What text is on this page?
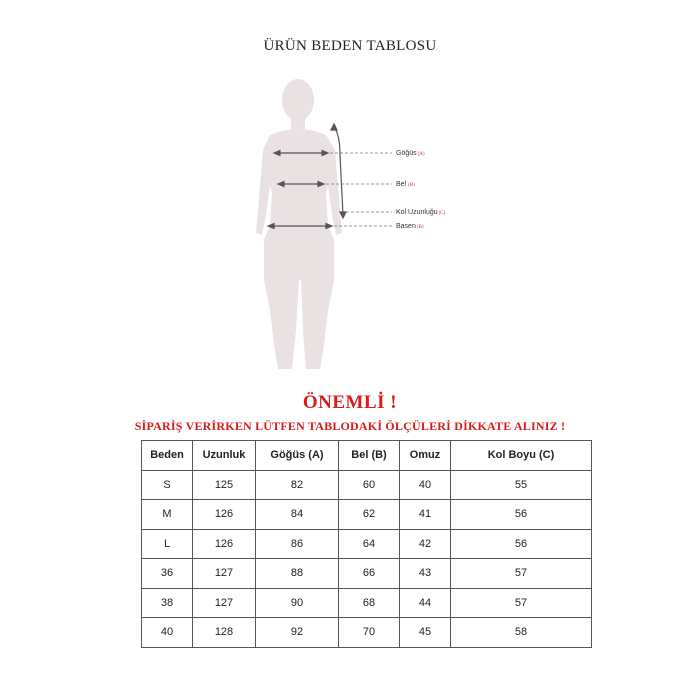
ÜRÜN BEDEN TABLOSU
Göğüs(A)
Bel (B)
Kol Uzunluğu(C)
Basen(B)
ÖNEMLİ !
SİPARİŞ VERİRKEN LÜTFEN TABLODAKİ ÖLÇÜLERİ DİKKATE ALINIZ !
Beden	Uzunluk	Göğüs (A)	Bel (B)	Omuz	Kol Boyu (C)
S	125	82	60	40	55
M	126	84	62	41	56
L	126	86	64	42	56
36	127	88	66	43	57
38	127	90	68	44	57
40	128	92	70	45	58
